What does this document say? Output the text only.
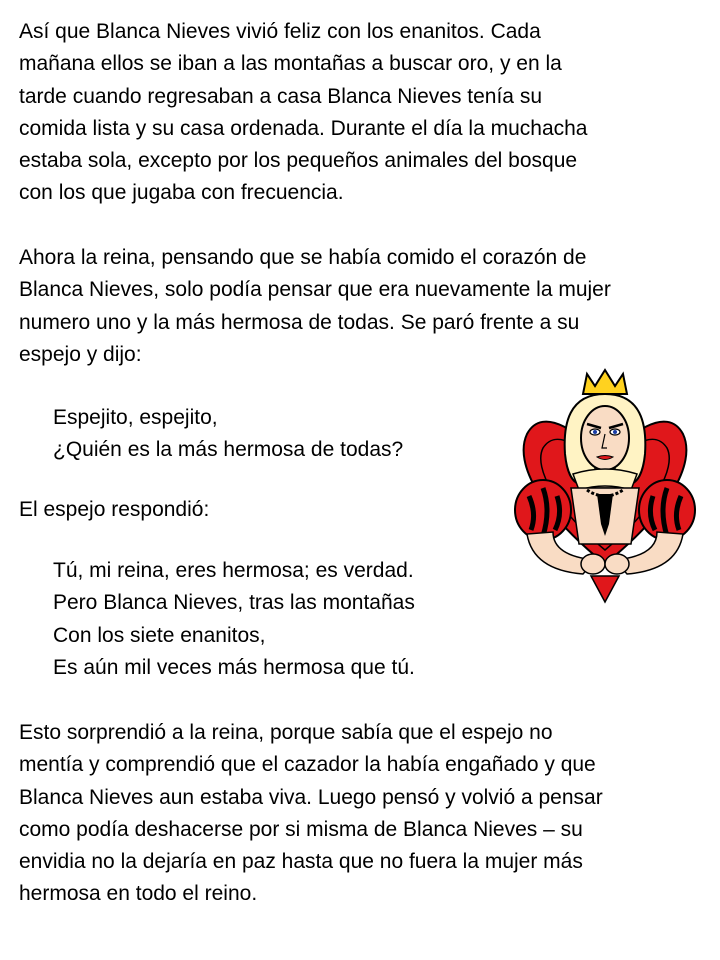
Así que Blanca Nieves vivió feliz con los enanitos. Cada
mañana ellos se iban a las montañas a buscar oro, y en la
tarde cuando regresaban a casa Blanca Nieves tenía su
comida lista y su casa ordenada. Durante el día la muchacha
estaba sola, excepto por los pequeños animales del bosque
con los que jugaba con frecuencia.
Ahora la reina, pensando que se había comido el corazón de
Blanca Nieves, solo podía pensar que era nuevamente la mujer
numero uno y la más hermosa de todas. Se paró frente a su
espejo y dijo:
Espejito, espejito,
¿Quién es la más hermosa de todas?
El espejo respondió:
Tú, mi reina, eres hermosa; es verdad.
Pero Blanca Nieves, tras las montañas
Con los siete enanitos,
Es aún mil veces más hermosa que tú.
Esto sorprendió a la reina, porque sabía que el espejo no
mentía y comprendió que el cazador la había engañado y que
Blanca Nieves aun estaba viva. Luego pensó y volvió a pensar
como podía deshacerse por si misma de Blanca Nieves – su
envidia no la dejaría en paz hasta que no fuera la mujer más
hermosa en todo el reino.
